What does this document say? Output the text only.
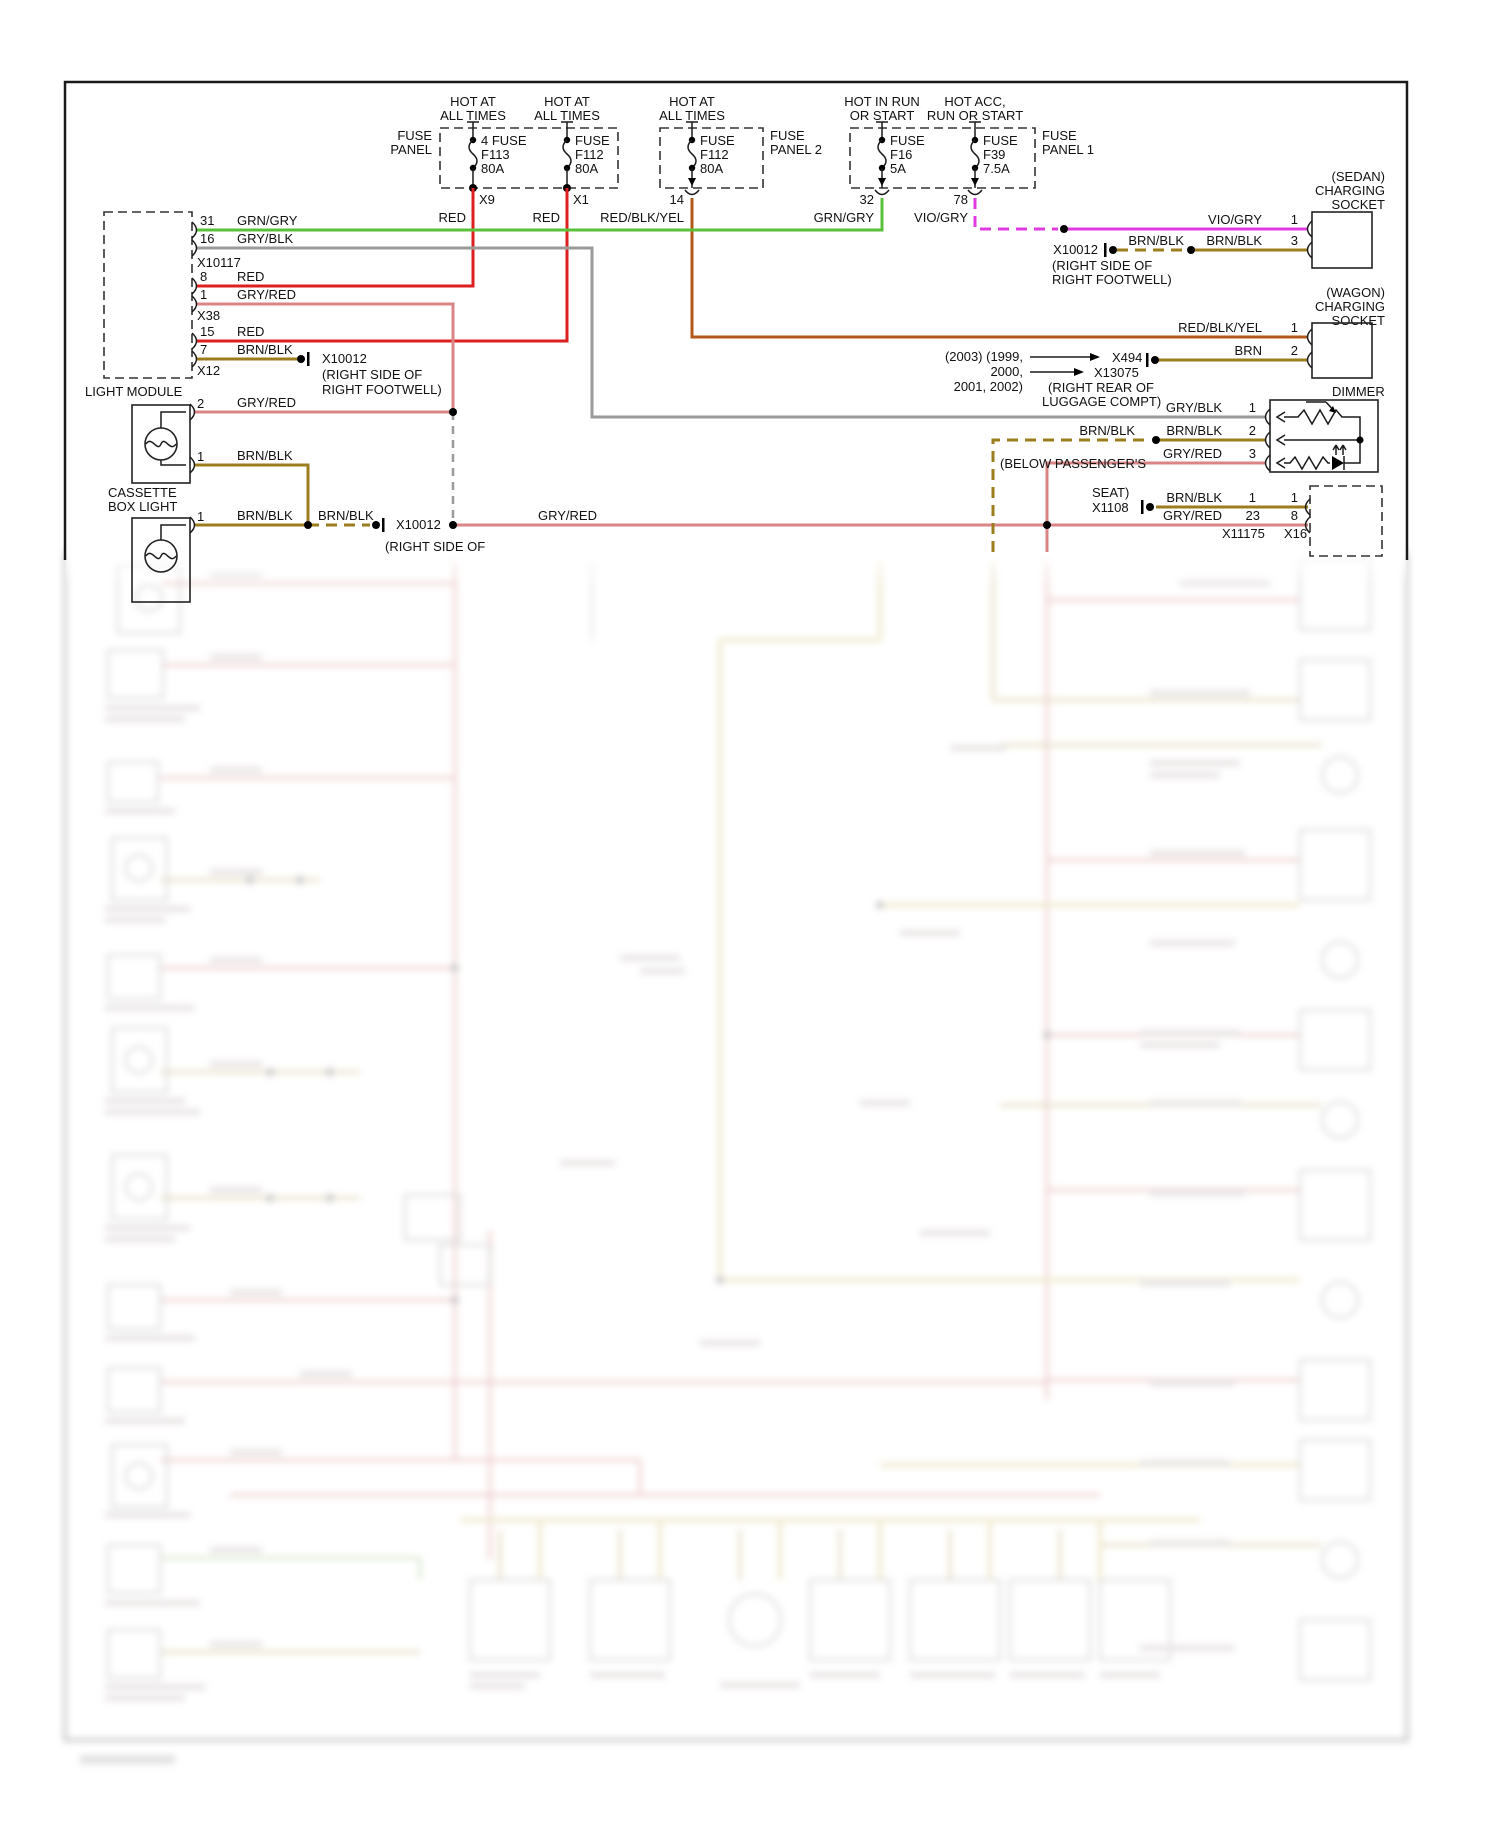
HOT AT
ALL TIMES
HOT AT
ALL TIMES
HOT AT
ALL TIMES
HOT IN RUN
OR START
HOT ACC,
RUN OR START
FUSE
PANEL
FUSE
PANEL 2
FUSE
PANEL 1
4 FUSE
F113
80A
FUSE
F112
80A
FUSE
F112
80A
FUSE
F16
5A
FUSE
F39
7.5A
X9	X1	14	32	78
RED	RED	RED/BLK/YEL	GRN/GRY	VIO/GRY
31 GRN/GRY
16 GRY/BLK
X10117
8 RED
1 GRY/RED
X38
15 RED
7 BRN/BLK
X12
LIGHT MODULE
X10012
(RIGHT SIDE OF
RIGHT FOOTWELL)
2	GRY/RED
1	BRN/BLK
CASSETTE
BOX LIGHT
1	BRN/BLK BRN/BLK
X10012
(RIGHT SIDE OF
GRY/RED
(SEDAN)
CHARGING
SOCKET
VIO/GRY 1
BRN/BLK BRN/BLK 3
X10012
(RIGHT SIDE OF
RIGHT FOOTWELL)
(WAGON)
CHARGING
SOCKET
RED/BLK/YEL 1
BRN 2
(2003) (1999,
2000,
2001, 2002)
X494
X13075
(RIGHT REAR OF
LUGGAGE COMPT)
DIMMER
GRY/BLK 1
BRN/BLK BRN/BLK 2
GRY/RED 3
(BELOW PASSENGER'S
SEAT)
X1108
BRN/BLK 1	1
GRY/RED 23 8
X11175 X16
